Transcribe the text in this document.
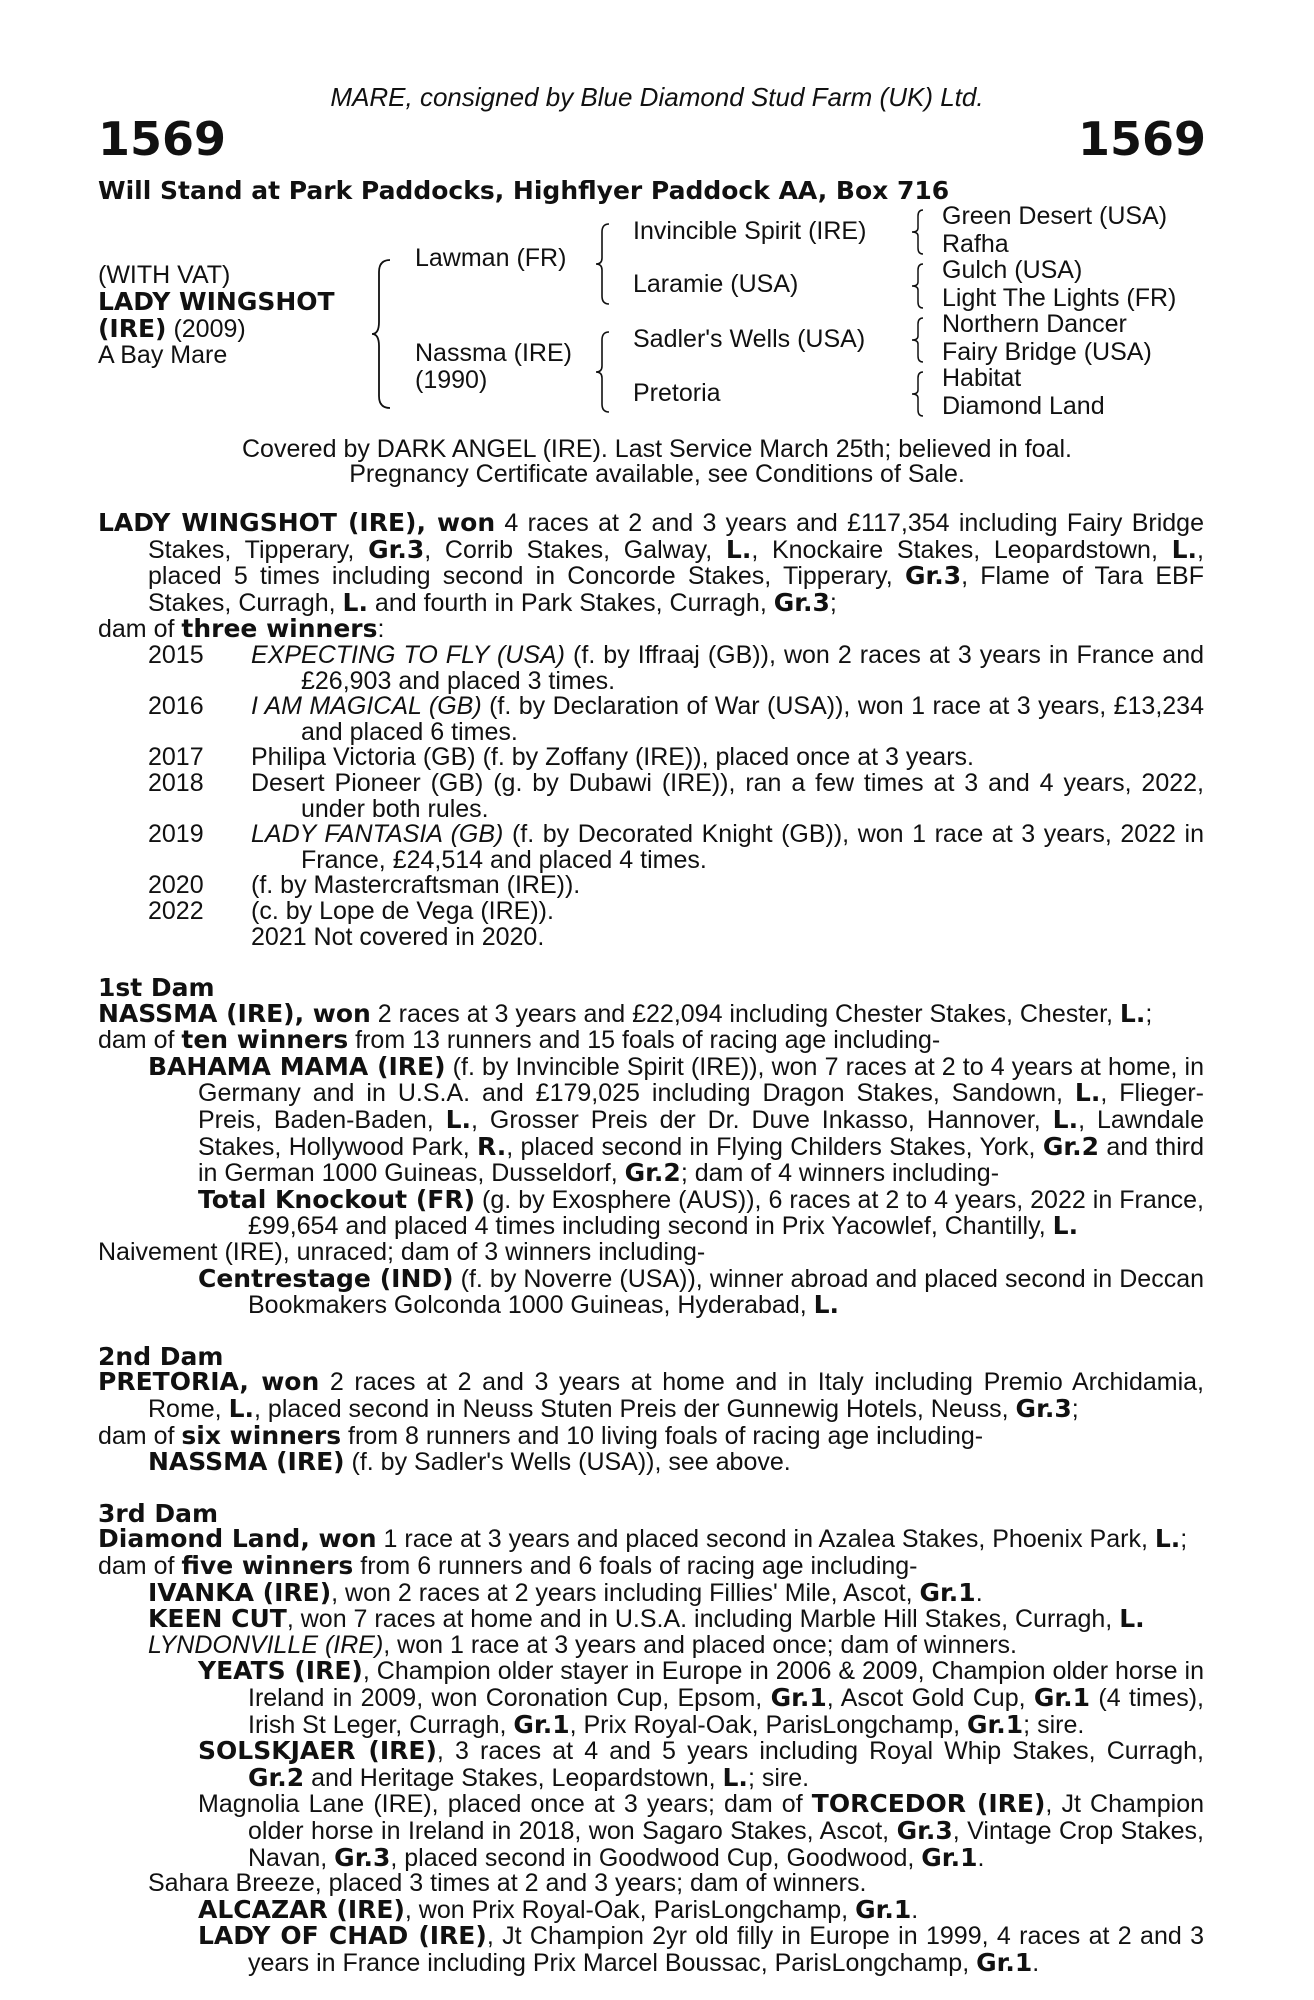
MARE, consigned by Blue Diamond Stud Farm (UK) Ltd.
1569	1569
Will Stand at Park Paddocks, Highflyer Paddock AA, Box 716
(WITH VAT)
LADY WINGSHOT
(IRE) (2009)
A Bay Mare
Lawman (FR)
Nassma (IRE)
(1990)
Invincible Spirit (IRE)
Laramie (USA)
Sadler's Wells (USA)
Pretoria
Green Desert (USA)
Rafha
Gulch (USA)
Light The Lights (FR)
Northern Dancer
Fairy Bridge (USA)
Habitat
Diamond Land
Covered by DARK ANGEL (IRE). Last Service March 25th; believed in foal.
Pregnancy Certificate available, see Conditions of Sale.

LADY WINGSHOT (IRE), won 4 races at 2 and 3 years and £117,354 including Fairy Bridge Stakes, Tipperary, Gr.3, Corrib Stakes, Galway, L., Knockaire Stakes, Leopardstown, L., placed 5 times including second in Concorde Stakes, Tipperary, Gr.3, Flame of Tara EBF Stakes, Curragh, L. and fourth in Park Stakes, Curragh, Gr.3;

dam of three winners:

2015	EXPECTING TO FLY (USA) (f. by Iffraaj (GB)), won 2 races at 3 years in France and £26,903 and placed 3 times.
2016	I AM MAGICAL (GB) (f. by Declaration of War (USA)), won 1 race at 3 years, £13,234 and placed 6 times.
2017	Philipa Victoria (GB) (f. by Zoffany (IRE)), placed once at 3 years.
2018	Desert Pioneer (GB) (g. by Dubawi (IRE)), ran a few times at 3 and 4 years, 2022, under both rules.
2019	LADY FANTASIA (GB) (f. by Decorated Knight (GB)), won 1 race at 3 years, 2022 in France, £24,514 and placed 4 times.
2020	(f. by Mastercraftsman (IRE)).
2022	(c. by Lope de Vega (IRE)).

2021 Not covered in 2020.

1st Dam

NASSMA (IRE), won 2 races at 3 years and £22,094 including Chester Stakes, Chester, L.;

dam of ten winners from 13 runners and 15 foals of racing age including-

BAHAMA MAMA (IRE) (f. by Invincible Spirit (IRE)), won 7 races at 2 to 4 years at home, in Germany and in U.S.A. and £179,025 including Dragon Stakes, Sandown, L., Flieger-Preis, Baden-Baden, L., Grosser Preis der Dr. Duve Inkasso, Hannover, L., Lawndale Stakes, Hollywood Park, R., placed second in Flying Childers Stakes, York, Gr.2 and third in German 1000 Guineas, Dusseldorf, Gr.2; dam of 4 winners including-

Total Knockout (FR) (g. by Exosphere (AUS)), 6 races at 2 to 4 years, 2022 in France, £99,654 and placed 4 times including second in Prix Yacowlef, Chantilly, L.

Naivement (IRE), unraced; dam of 3 winners including-

Centrestage (IND) (f. by Noverre (USA)), winner abroad and placed second in Deccan Bookmakers Golconda 1000 Guineas, Hyderabad, L.

2nd Dam

PRETORIA, won 2 races at 2 and 3 years at home and in Italy including Premio Archidamia, Rome, L., placed second in Neuss Stuten Preis der Gunnewig Hotels, Neuss, Gr.3;

dam of six winners from 8 runners and 10 living foals of racing age including-

NASSMA (IRE) (f. by Sadler's Wells (USA)), see above.

3rd Dam

Diamond Land, won 1 race at 3 years and placed second in Azalea Stakes, Phoenix Park, L.;

dam of five winners from 6 runners and 6 foals of racing age including-

IVANKA (IRE), won 2 races at 2 years including Fillies' Mile, Ascot, Gr.1.

KEEN CUT, won 7 races at home and in U.S.A. including Marble Hill Stakes, Curragh, L.

LYNDONVILLE (IRE), won 1 race at 3 years and placed once; dam of winners.

YEATS (IRE), Champion older stayer in Europe in 2006 & 2009, Champion older horse in Ireland in 2009, won Coronation Cup, Epsom, Gr.1, Ascot Gold Cup, Gr.1 (4 times), Irish St Leger, Curragh, Gr.1, Prix Royal-Oak, ParisLongchamp, Gr.1; sire.

SOLSKJAER (IRE), 3 races at 4 and 5 years including Royal Whip Stakes, Curragh, Gr.2 and Heritage Stakes, Leopardstown, L.; sire.

Magnolia Lane (IRE), placed once at 3 years; dam of TORCEDOR (IRE), Jt Champion older horse in Ireland in 2018, won Sagaro Stakes, Ascot, Gr.3, Vintage Crop Stakes, Navan, Gr.3, placed second in Goodwood Cup, Goodwood, Gr.1.

Sahara Breeze, placed 3 times at 2 and 3 years; dam of winners.

ALCAZAR (IRE), won Prix Royal-Oak, ParisLongchamp, Gr.1.

LADY OF CHAD (IRE), Jt Champion 2yr old filly in Europe in 1999, 4 races at 2 and 3 years in France including Prix Marcel Boussac, ParisLongchamp, Gr.1.
